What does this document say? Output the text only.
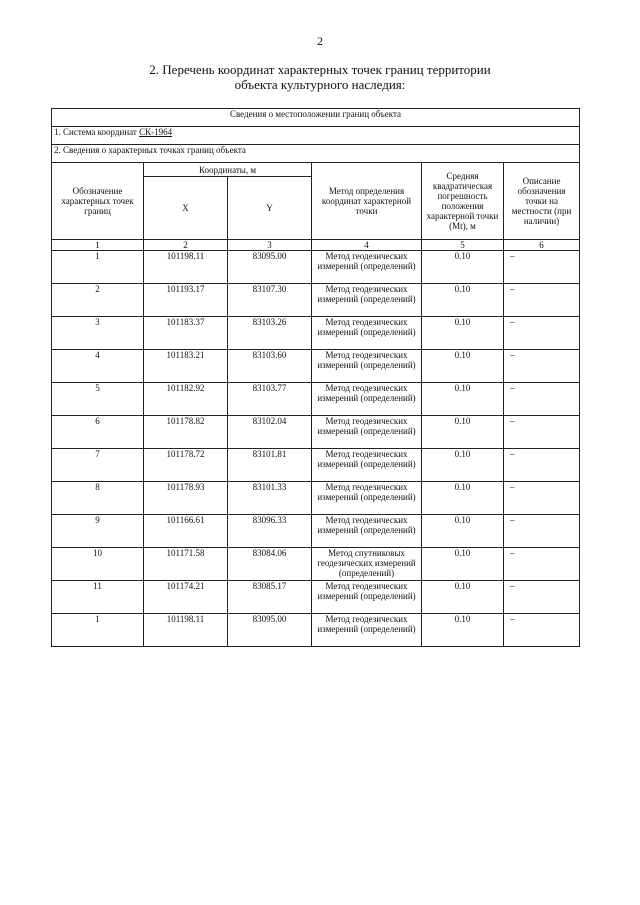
2
2. Перечень координат характерных точек границ территории
объекта культурного наследия:
Сведения о местоположении границ объекта					
1. Система координат СК-1964					
2. Сведения о характерных точках границ объекта					
Обозначение характерных точек границ	Координаты, м		Метод определения координат характерной точки	Средняя квадратическая погрешность положения характерной точки (Mt), м	Описание обозначения точки на местности (при наличии)
	X	Y			
1	2	3	4	5	6
1	101198.11	83095.00	Метод геодезических измерений (определений)	0.10	–
2	101193.17	83107.30	Метод геодезических измерений (определений)	0.10	–
3	101183.37	83103.26	Метод геодезических измерений (определений)	0.10	–
4	101183.21	83103.60	Метод геодезических измерений (определений)	0.10	–
5	101182.92	83103.77	Метод геодезических измерений (определений)	0.10	–
6	101178.82	83102.04	Метод геодезических измерений (определений)	0.10	–
7	101178.72	83101.81	Метод геодезических измерений (определений)	0.10	–
8	101178.93	83101.33	Метод геодезических измерений (определений)	0.10	–
9	101166.61	83096.33	Метод геодезических измерений (определений)	0.10	–
10	101171.58	83084.06	Метод спутниковых геодезических измерений (определений)	0.10	–
11	101174.21	83085.17	Метод геодезических измерений (определений)	0.10	–
1	101198.11	83095.00	Метод геодезических измерений (определений)	0.10	–
